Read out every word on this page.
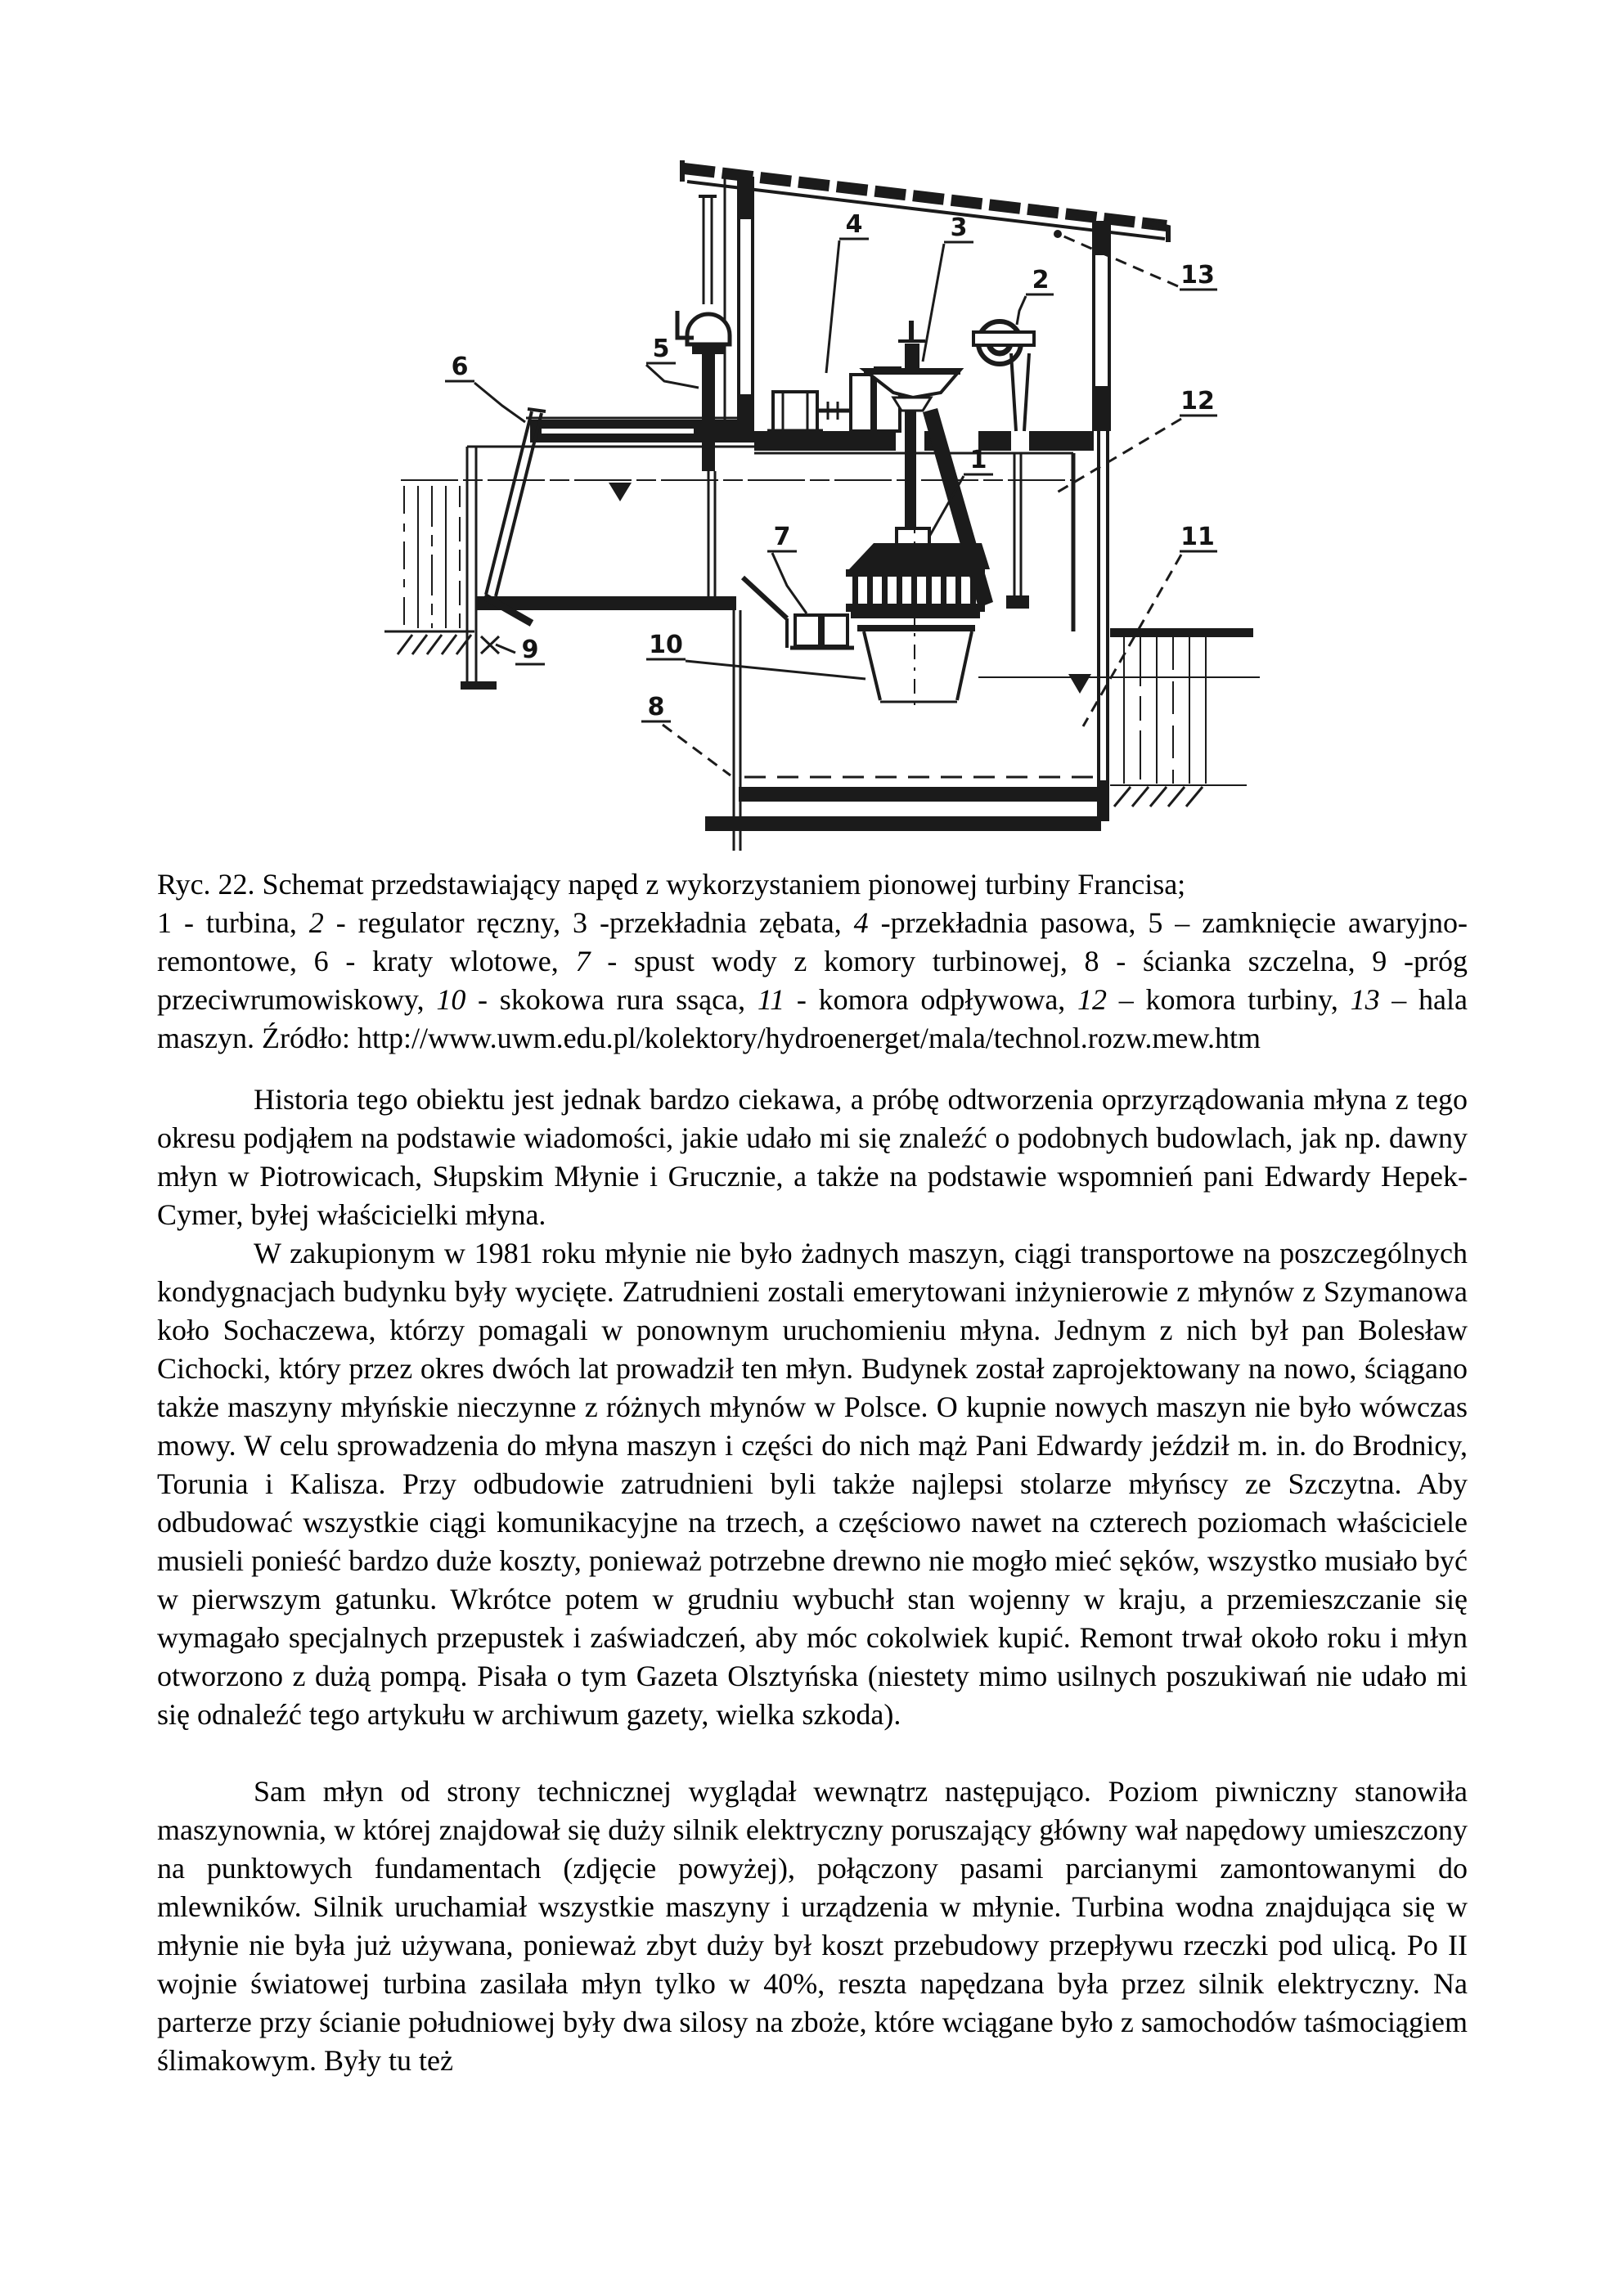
1
2
3
4
5
6
7
8
9	10
11
12
13
Ryc. 22. Schemat przedstawiający napęd z wykorzystaniem pionowej turbiny Francisa;
1 - turbina, 2 - regulator ręczny, 3 -przekładnia zębata, 4 -przekładnia pasowa, 5 – zamknięcie awaryjno-remontowe, 6 - kraty wlotowe, 7 - spust wody z komory turbinowej, 8 - ścianka szczelna, 9 -próg przeciwrumowiskowy, 10 - skokowa rura ssąca, 11 - komora odpływowa, 12 – komora turbiny, 13 – hala maszyn. Źródło: http://www.uwm.edu.pl/kolektory/hydroenerget/mala/technol.rozw.mew.htm

Historia tego obiektu jest jednak bardzo ciekawa, a próbę odtworzenia oprzyrządowania młyna z tego okresu podjąłem na podstawie wiadomości, jakie udało mi się znaleźć o podobnych budowlach, jak np. dawny młyn w Piotrowicach, Słupskim Młynie i Grucznie, a także na podstawie wspomnień pani Edwardy Hepek-Cymer, byłej właścicielki młyna.

W zakupionym w 1981 roku młynie nie było żadnych maszyn, ciągi transportowe na poszczególnych kondygnacjach budynku były wycięte. Zatrudnieni zostali emerytowani inżynierowie z młynów z Szymanowa koło Sochaczewa, którzy pomagali w ponownym uruchomieniu młyna. Jednym z nich był pan Bolesław Cichocki, który przez okres dwóch lat prowadził ten młyn. Budynek został zaprojektowany na nowo, ściągano także maszyny młyńskie nieczynne z różnych młynów w Polsce. O kupnie nowych maszyn nie było wówczas mowy. W celu sprowadzenia do młyna maszyn i części do nich mąż Pani Edwardy jeździł m. in. do Brodnicy, Torunia i Kalisza. Przy odbudowie zatrudnieni byli także najlepsi stolarze młyńscy ze Szczytna. Aby odbudować wszystkie ciągi komunikacyjne na trzech, a częściowo nawet na czterech poziomach właściciele musieli ponieść bardzo duże koszty, ponieważ potrzebne drewno nie mogło mieć sęków, wszystko musiało być w pierwszym gatunku. Wkrótce potem w grudniu wybuchł stan wojenny w kraju, a przemieszczanie się wymagało specjalnych przepustek i zaświadczeń, aby móc cokolwiek kupić. Remont trwał około roku i młyn otworzono z dużą pompą. Pisała o tym Gazeta Olsztyńska (niestety mimo usilnych poszukiwań nie udało mi się odnaleźć tego artykułu w archiwum gazety, wielka szkoda).

Sam młyn od strony technicznej wyglądał wewnątrz następująco. Poziom piwniczny stanowiła maszynownia, w której znajdował się duży silnik elektryczny poruszający główny wał napędowy umieszczony na punktowych fundamentach (zdjęcie powyżej), połączony pasami parcianymi zamontowanymi do mlewników. Silnik uruchamiał wszystkie maszyny i urządzenia w młynie. Turbina wodna znajdująca się w młynie nie była już używana, ponieważ zbyt duży był koszt przebudowy przepływu rzeczki pod ulicą. Po II wojnie światowej turbina zasilała młyn tylko w 40%, reszta napędzana była przez silnik elektryczny. Na parterze przy ścianie południowej były dwa silosy na zboże, które wciągane było z samochodów taśmociągiem ślimakowym. Były tu też
